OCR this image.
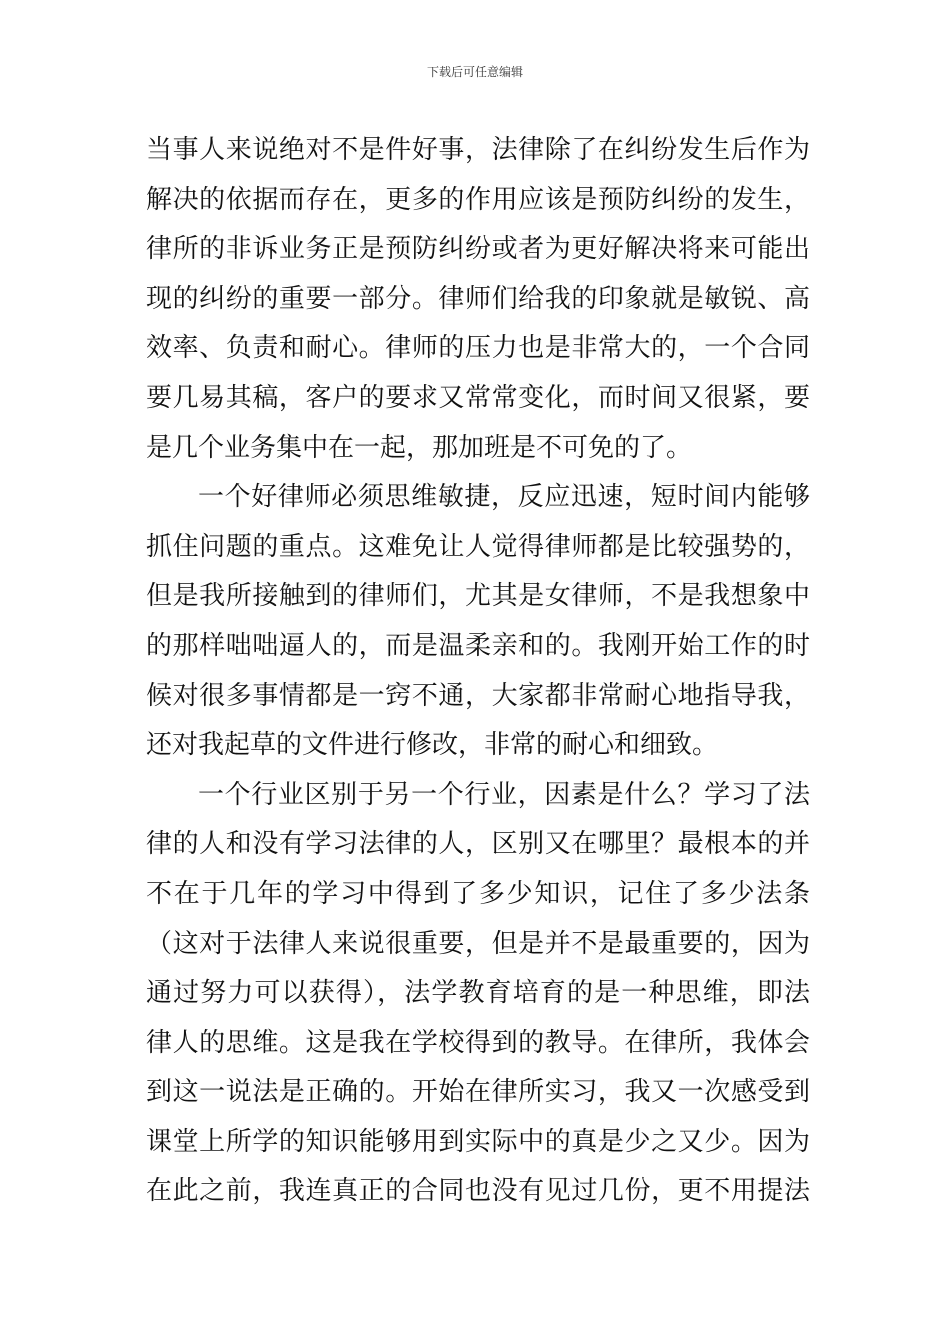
下载后可任意编辑
当事人来说绝对不是件好事，法律除了在纠纷发生后作为
解决的依据而存在，更多的作用应该是预防纠纷的发生，
律所的非诉业务正是预防纠纷或者为更好解决将来可能出
现的纠纷的重要一部分。律师们给我的印象就是敏锐、高
效率、负责和耐心。律师的压力也是非常大的，一个合同
要几易其稿，客户的要求又常常变化，而时间又很紧，要
是几个业务集中在一起，那加班是不可免的了。
一个好律师必须思维敏捷，反应迅速，短时间内能够
抓住问题的重点。这难免让人觉得律师都是比较强势的，
但是我所接触到的律师们，尤其是女律师，不是我想象中
的那样咄咄逼人的，而是温柔亲和的。我刚开始工作的时
候对很多事情都是一窍不通，大家都非常耐心地指导我，
还对我起草的文件进行修改，非常的耐心和细致。
一个行业区别于另一个行业，因素是什么？学习了法
律的人和没有学习法律的人，区别又在哪里？最根本的并
不在于几年的学习中得到了多少知识，记住了多少法条
（这对于法律人来说很重要，但是并不是最重要的，因为
通过努力可以获得），法学教育培育的是一种思维，即法
律人的思维。这是我在学校得到的教导。在律所，我体会
到这一说法是正确的。开始在律所实习，我又一次感受到
课堂上所学的知识能够用到实际中的真是少之又少。因为
在此之前，我连真正的合同也没有见过几份，更不用提法
